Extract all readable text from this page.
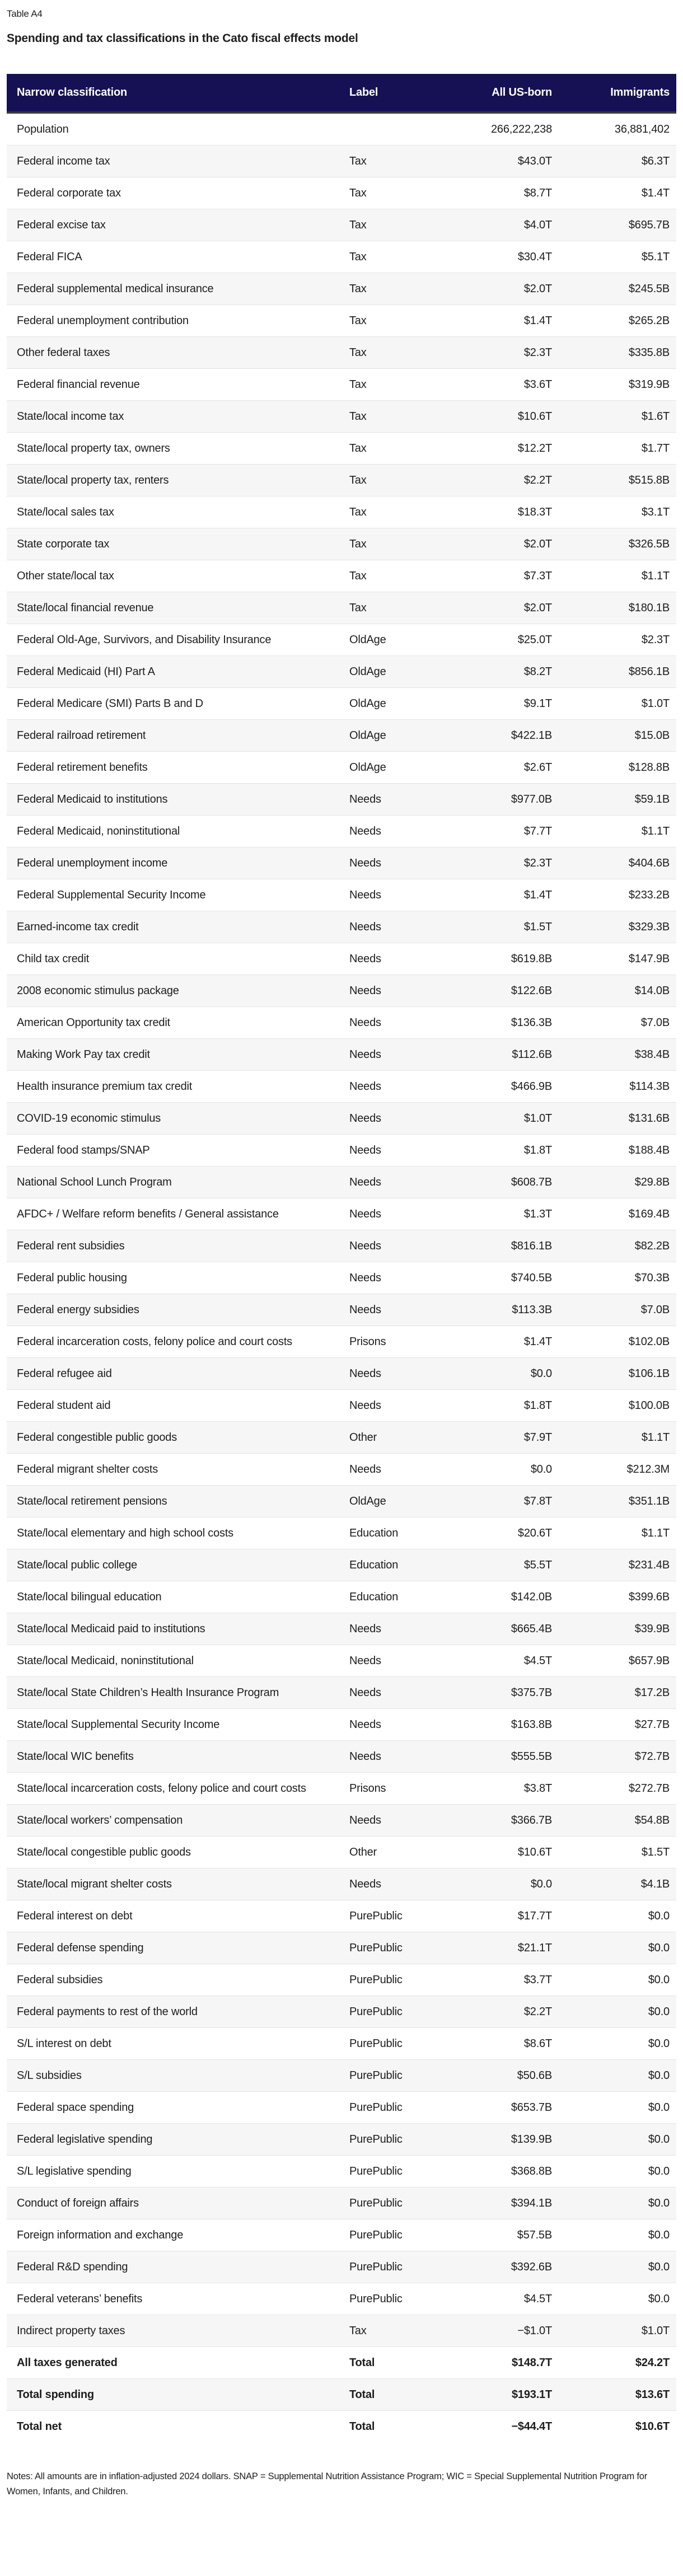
Table A4

Spending and tax classifications in the Cato fiscal effects model
Narrow classification	Label	All US-born	Immigrants
Population		266,222,238	36,881,402
Federal income tax	Tax	$43.0T	$6.3T
Federal corporate tax	Tax	$8.7T	$1.4T
Federal excise tax	Tax	$4.0T	$695.7B
Federal FICA	Tax	$30.4T	$5.1T
Federal supplemental medical insurance	Tax	$2.0T	$245.5B
Federal unemployment contribution	Tax	$1.4T	$265.2B
Other federal taxes	Tax	$2.3T	$335.8B
Federal financial revenue	Tax	$3.6T	$319.9B
State/local income tax	Tax	$10.6T	$1.6T
State/local property tax, owners	Tax	$12.2T	$1.7T
State/local property tax, renters	Tax	$2.2T	$515.8B
State/local sales tax	Tax	$18.3T	$3.1T
State corporate tax	Tax	$2.0T	$326.5B
Other state/local tax	Tax	$7.3T	$1.1T
State/local financial revenue	Tax	$2.0T	$180.1B
Federal Old-Age, Survivors, and Disability Insurance	OldAge	$25.0T	$2.3T
Federal Medicaid (HI) Part A	OldAge	$8.2T	$856.1B
Federal Medicare (SMI) Parts B and D	OldAge	$9.1T	$1.0T
Federal railroad retirement	OldAge	$422.1B	$15.0B
Federal retirement benefits	OldAge	$2.6T	$128.8B
Federal Medicaid to institutions	Needs	$977.0B	$59.1B
Federal Medicaid, noninstitutional	Needs	$7.7T	$1.1T
Federal unemployment income	Needs	$2.3T	$404.6B
Federal Supplemental Security Income	Needs	$1.4T	$233.2B
Earned-income tax credit	Needs	$1.5T	$329.3B
Child tax credit	Needs	$619.8B	$147.9B
2008 economic stimulus package	Needs	$122.6B	$14.0B
American Opportunity tax credit	Needs	$136.3B	$7.0B
Making Work Pay tax credit	Needs	$112.6B	$38.4B
Health insurance premium tax credit	Needs	$466.9B	$114.3B
COVID-19 economic stimulus	Needs	$1.0T	$131.6B
Federal food stamps/SNAP	Needs	$1.8T	$188.4B
National School Lunch Program	Needs	$608.7B	$29.8B
AFDC+ / Welfare reform benefits / General assistance	Needs	$1.3T	$169.4B
Federal rent subsidies	Needs	$816.1B	$82.2B
Federal public housing	Needs	$740.5B	$70.3B
Federal energy subsidies	Needs	$113.3B	$7.0B
Federal incarceration costs, felony police and court costs	Prisons	$1.4T	$102.0B
Federal refugee aid	Needs	$0.0	$106.1B
Federal student aid	Needs	$1.8T	$100.0B
Federal congestible public goods	Other	$7.9T	$1.1T
Federal migrant shelter costs	Needs	$0.0	$212.3M
State/local retirement pensions	OldAge	$7.8T	$351.1B
State/local elementary and high school costs	Education	$20.6T	$1.1T
State/local public college	Education	$5.5T	$231.4B
State/local bilingual education	Education	$142.0B	$399.6B
State/local Medicaid paid to institutions	Needs	$665.4B	$39.9B
State/local Medicaid, noninstitutional	Needs	$4.5T	$657.9B
State/local State Children’s Health Insurance Program	Needs	$375.7B	$17.2B
State/local Supplemental Security Income	Needs	$163.8B	$27.7B
State/local WIC benefits	Needs	$555.5B	$72.7B
State/local incarceration costs, felony police and court costs	Prisons	$3.8T	$272.7B
State/local workers’ compensation	Needs	$366.7B	$54.8B
State/local congestible public goods	Other	$10.6T	$1.5T
State/local migrant shelter costs	Needs	$0.0	$4.1B
Federal interest on debt	PurePublic	$17.7T	$0.0
Federal defense spending	PurePublic	$21.1T	$0.0
Federal subsidies	PurePublic	$3.7T	$0.0
Federal payments to rest of the world	PurePublic	$2.2T	$0.0
S/L interest on debt	PurePublic	$8.6T	$0.0
S/L subsidies	PurePublic	$50.6B	$0.0
Federal space spending	PurePublic	$653.7B	$0.0
Federal legislative spending	PurePublic	$139.9B	$0.0
S/L legislative spending	PurePublic	$368.8B	$0.0
Conduct of foreign affairs	PurePublic	$394.1B	$0.0
Foreign information and exchange	PurePublic	$57.5B	$0.0
Federal R&D spending	PurePublic	$392.6B	$0.0
Federal veterans’ benefits	PurePublic	$4.5T	$0.0
Indirect property taxes	Tax	−$1.0T	$1.0T
All taxes generated	Total	$148.7T	$24.2T
Total spending	Total	$193.1T	$13.6T
Total net	Total	−$44.4T	$10.6T

Notes: All amounts are in inflation-adjusted 2024 dollars. SNAP = Supplemental Nutrition Assistance Program; WIC = Special Supplemental Nutrition Program for Women, Infants, and Children.
